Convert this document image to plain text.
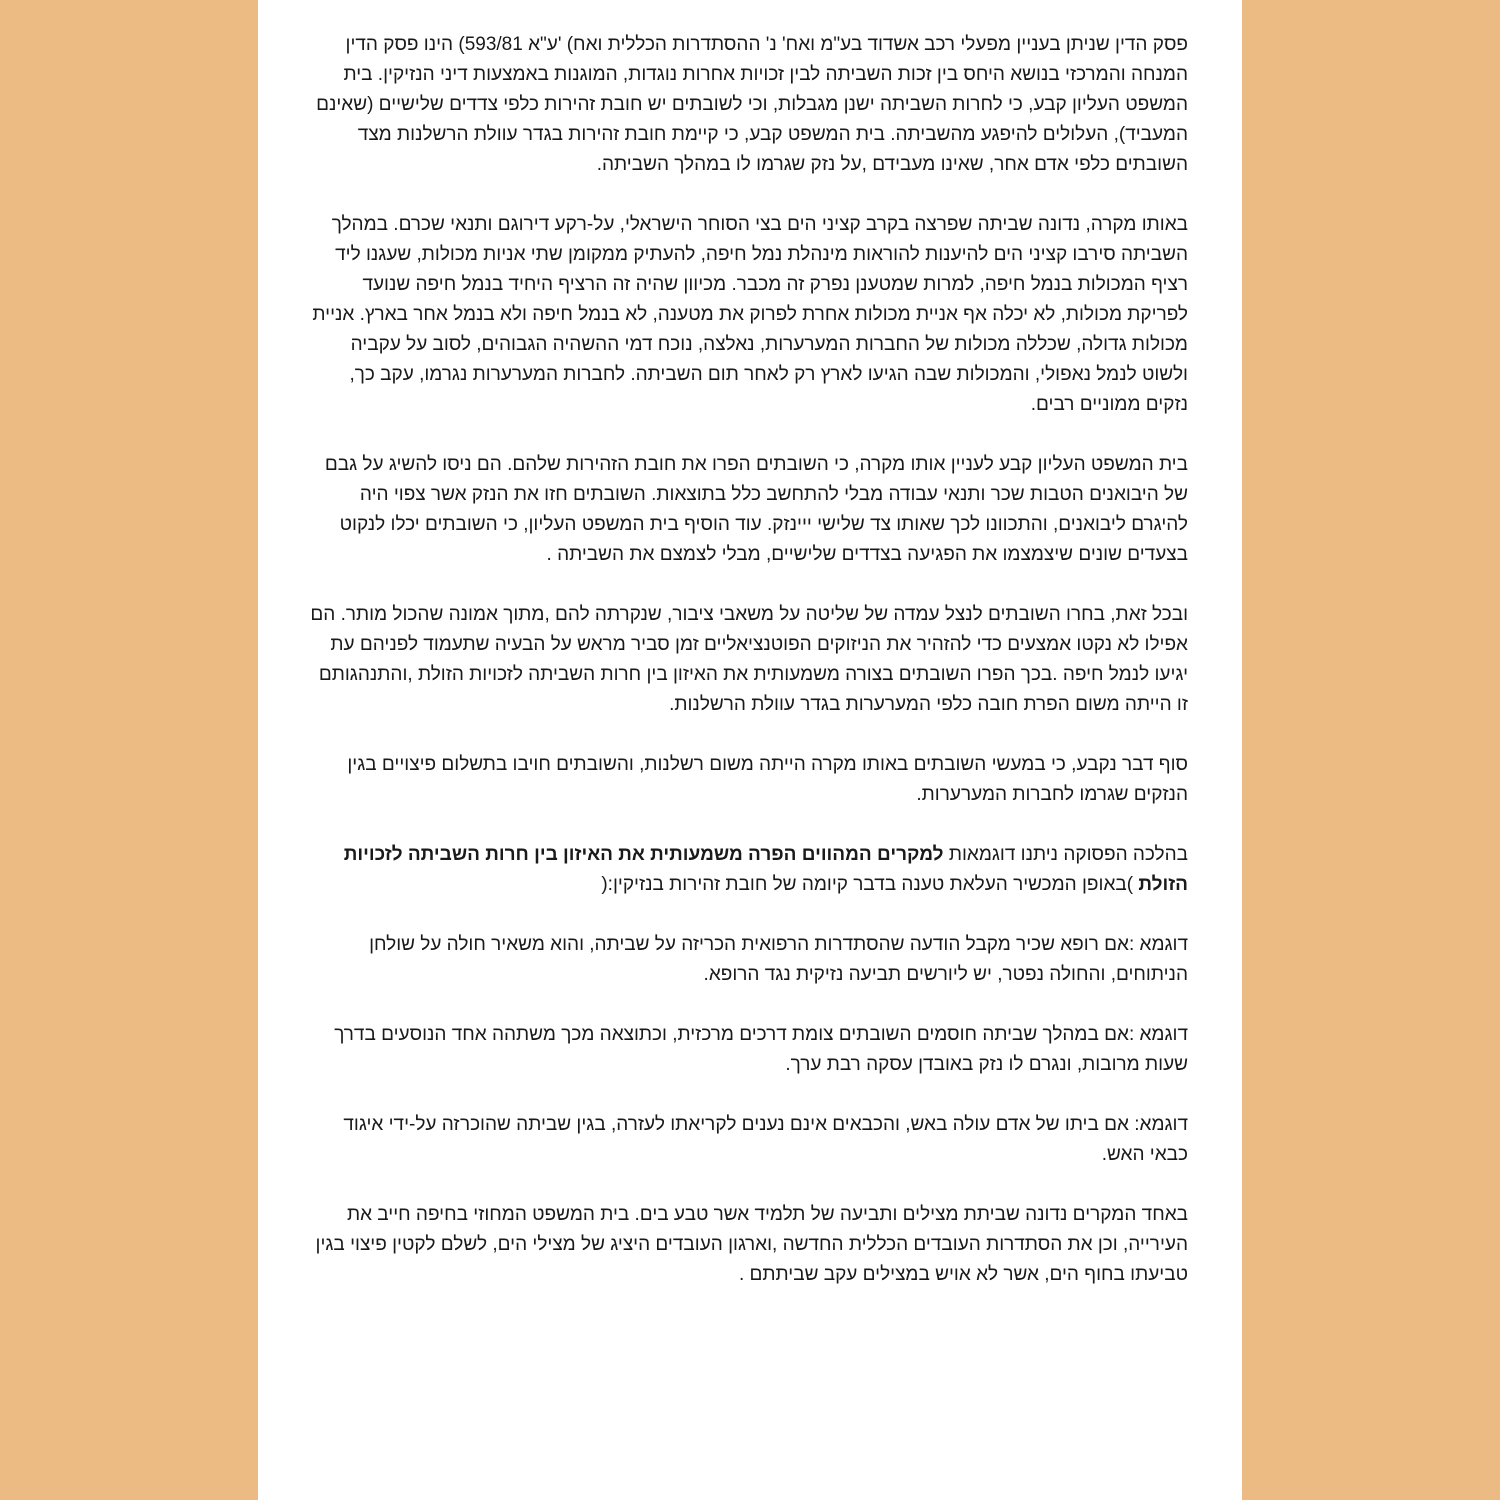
פסק הדין שניתן בעניין מפעלי רכב אשדוד בע"מ ואח' נ' ההסתדרות הכללית ואח) 'ע"א 593/81) הינו פסק הדין המנחה והמרכזי בנושא היחס בין זכות השביתה לבין זכויות אחרות נוגדות, המוגנות באמצעות דיני הנזיקין. בית המשפט העליון קבע, כי לחרות השביתה ישנן מגבלות, וכי לשובתים יש חובת זהירות כלפי צדדים שלישיים (שאינם המעביד), העלולים להיפגע מהשביתה. בית המשפט קבע, כי קיימת חובת זהירות בגדר עוולת הרשלנות מצד השובתים כלפי אדם אחר, שאינו מעבידם ,על נזק שגרמו לו במהלך השביתה.

באותו מקרה, נדונה שביתה שפרצה בקרב קציני הים בצי הסוחר הישראלי, על-רקע דירוגם ותנאי שכרם. במהלך השביתה סירבו קציני הים להיענות להוראות מינהלת נמל חיפה, להעתיק ממקומן שתי אניות מכולות, שעגנו ליד רציף המכולות בנמל חיפה, למרות שמטענן נפרק זה מכבר. מכיוון שהיה זה הרציף היחיד בנמל חיפה שנועד לפריקת מכולות, לא יכלה אף אניית מכולות אחרת לפרוק את מטענה, לא בנמל חיפה ולא בנמל אחר בארץ. אניית מכולות גדולה, שכללה מכולות של החברות המערערות, נאלצה, נוכח דמי ההשהיה הגבוהים, לסוב על עקביה ולשוט לנמל נאפולי, והמכולות שבה הגיעו לארץ רק לאחר תום השביתה. לחברות המערערות נגרמו, עקב כך, נזקים ממוניים רבים.

בית המשפט העליון קבע לעניין אותו מקרה, כי השובתים הפרו את חובת הזהירות שלהם. הם ניסו להשיג על גבם של היבואנים הטבות שכר ותנאי עבודה מבלי להתחשב כלל בתוצאות. השובתים חזו את הנזק אשר צפוי היה להיגרם ליבואנים, והתכוונו לכך שאותו צד שלישי ייינזק. עוד הוסיף בית המשפט העליון, כי השובתים יכלו לנקוט בצעדים שונים שיצמצמו את הפגיעה בצדדים שלישיים, מבלי לצמצם את השביתה .

ובכל זאת, בחרו השובתים לנצל עמדה של שליטה על משאבי ציבור, שנקרתה להם ,מתוך אמונה שהכול מותר. הם אפילו לא נקטו אמצעים כדי להזהיר את הניזוקים הפוטנציאליים זמן סביר מראש על הבעיה שתעמוד לפניהם עת יגיעו לנמל חיפה .בכך הפרו השובתים בצורה משמעותית את האיזון בין חרות השביתה לזכויות הזולת ,והתנהגותם זו הייתה משום הפרת חובה כלפי המערערות בגדר עוולת הרשלנות.

סוף דבר נקבע, כי במעשי השובתים באותו מקרה הייתה משום רשלנות, והשובתים חויבו בתשלום פיצויים בגין הנזקים שגרמו לחברות המערערות.

בהלכה הפסוקה ניתנו דוגמאות למקרים המהווים הפרה משמעותית את האיזון בין חרות השביתה לזכויות הזולת )באופן המכשיר העלאת טענה בדבר קיומה של חובת זהירות בנזיקין:(

דוגמא :אם רופא שכיר מקבל הודעה שהסתדרות הרפואית הכריזה על שביתה, והוא משאיר חולה על שולחן הניתוחים, והחולה נפטר, יש ליורשים תביעה נזיקית נגד הרופא.

דוגמא :אם במהלך שביתה חוסמים השובתים צומת דרכים מרכזית, וכתוצאה מכך משתהה אחד הנוסעים בדרך שעות מרובות, ונגרם לו נזק באובדן עסקה רבת ערך.

דוגמא: אם ביתו של אדם עולה באש, והכבאים אינם נענים לקריאתו לעזרה, בגין שביתה שהוכרזה על-ידי איגוד כבאי האש.

באחד המקרים נדונה שביתת מצילים ותביעה של תלמיד אשר טבע בים. בית המשפט המחוזי בחיפה חייב את העירייה, וכן את הסתדרות העובדים הכללית החדשה ,וארגון העובדים היציג של מצילי הים, לשלם לקטין פיצוי בגין טביעתו בחוף הים, אשר לא אויש במצילים עקב שביתתם .
